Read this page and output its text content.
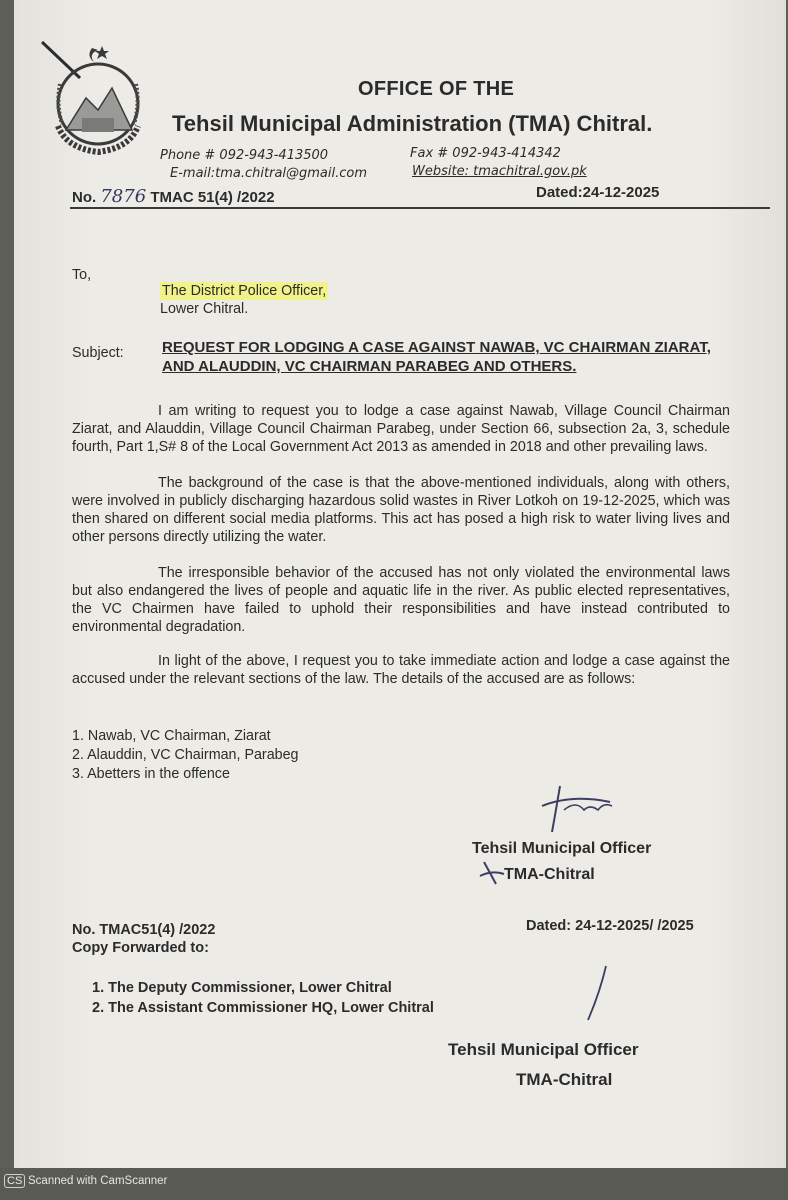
OFFICE OF THE
Tehsil Municipal Administration (TMA) Chitral.
Phone # 092-943-413500	Fax # 092-943-414342
E-mail:tma.chitral@gmail.com	Website: tmachitral.gov.pk
No. 7876 TMAC 51(4) /2022	Dated:24-12-2025
To,
The District Police Officer,
Lower Chitral.
Subject:	REQUEST FOR LODGING A CASE AGAINST NAWAB, VC CHAIRMAN ZIARAT, AND ALAUDDIN, VC CHAIRMAN PARABEG AND OTHERS.
I am writing to request you to lodge a case against Nawab, Village Council Chairman Ziarat, and Alauddin, Village Council Chairman Parabeg, under Section 66, subsection 2a, 3, schedule fourth, Part 1,S# 8 of the Local Government Act 2013 as amended in 2018 and other prevailing laws.
The background of the case is that the above-mentioned individuals, along with others, were involved in publicly discharging hazardous solid wastes in River Lotkoh on 19-12-2025, which was then shared on different social media platforms. This act has posed a high risk to water living lives and other persons directly utilizing the water.
The irresponsible behavior of the accused has not only violated the environmental laws but also endangered the lives of people and aquatic life in the river. As public elected representatives, the VC Chairmen have failed to uphold their responsibilities and have instead contributed to environmental degradation.
In light of the above, I request you to take immediate action and lodge a case against the accused under the relevant sections of the law. The details of the accused are as follows:
1. Nawab, VC Chairman, Ziarat
2. Alauddin, VC Chairman, Parabeg
3. Abetters in the offence
Tehsil Municipal Officer
TMA-Chitral
No. TMAC51(4) /2022
Copy Forwarded to:
Dated: 24-12-2025/ /2025
1. The Deputy Commissioner, Lower Chitral
2. The Assistant Commissioner HQ, Lower Chitral
Tehsil Municipal Officer
TMA-Chitral
CS Scanned with CamScanner
